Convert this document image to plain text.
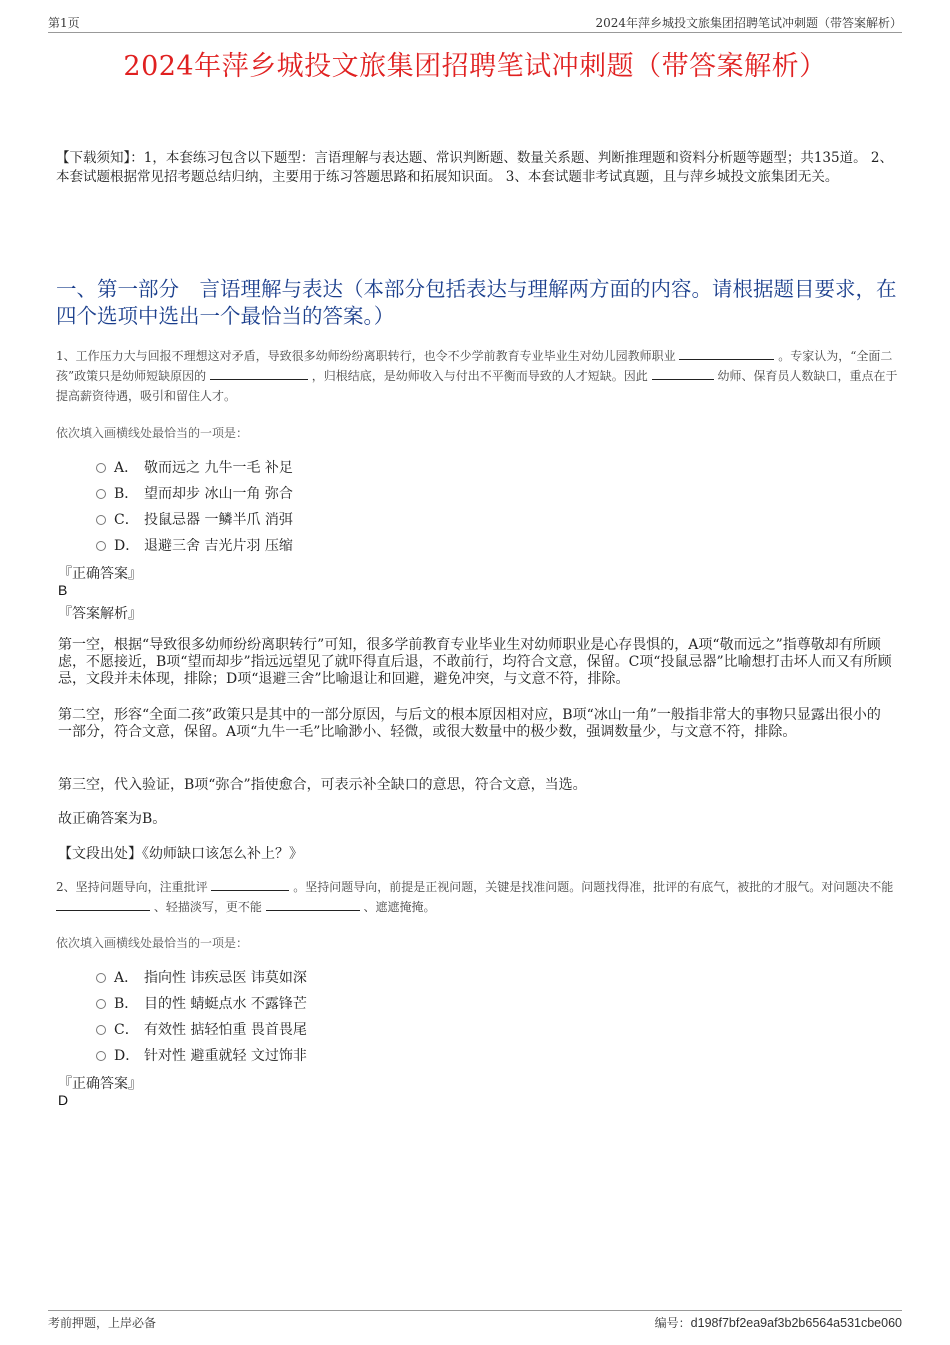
第1页	2024年萍乡城投文旅集团招聘笔试冲刺题（带答案解析）
2024年萍乡城投文旅集团招聘笔试冲刺题（带答案解析）
【下载须知】：1，本套练习包含以下题型：言语理解与表达题、常识判断题、数量关系题、判断推理题和资料分析题等题型；共135道。 2、本套试题根据常见招考题总结归纳，主要用于练习答题思路和拓展知识面。 3、本套试题非考试真题，且与萍乡城投文旅集团无关。
一、第一部分　言语理解与表达（本部分包括表达与理解两方面的内容。请根据题目要求，在四个选项中选出一个最恰当的答案。）
1、工作压力大与回报不理想这对矛盾，导致很多幼师纷纷离职转行，也令不少学前教育专业毕业生对幼儿园教师职业	。专家认为，“全面二孩”政策只是幼师短缺原因的	，归根结底，是幼师收入与付出不平衡而导致的人才短缺。因此	幼师、保育员人数缺口，重点在于提高薪资待遇，吸引和留住人才。
依次填入画横线处最恰当的一项是：
A． 敬而远之 九牛一毛 补足
B． 望而却步 冰山一角 弥合
C． 投鼠忌器 一鳞半爪 消弭
D． 退避三舍 吉光片羽 压缩
『正确答案』
B
『答案解析』
第一空，根据“导致很多幼师纷纷离职转行”可知，很多学前教育专业毕业生对幼师职业是心存畏惧的，A项“敬而远之”指尊敬却有所顾虑，不愿接近，B项“望而却步”指远远望见了就吓得直后退，不敢前行，均符合文意，保留。C项“投鼠忌器”比喻想打击坏人而又有所顾忌，文段并未体现，排除；D项“退避三舍”比喻退让和回避，避免冲突，与文意不符，排除。
第二空，形容“全面二孩”政策只是其中的一部分原因，与后文的根本原因相对应，B项“冰山一角”一般指非常大的事物只显露出很小的一部分，符合文意，保留。A项“九牛一毛”比喻渺小、轻微，或很大数量中的极少数，强调数量少，与文意不符，排除。
第三空，代入验证，B项“弥合”指使愈合，可表示补全缺口的意思，符合文意，当选。
故正确答案为B。
【文段出处】《幼师缺口该怎么补上？》
2、坚持问题导向，注重批评	。坚持问题导向，前提是正视问题，关键是找准问题。问题找得准，批评的有底气，被批的才服气。对问题决不能  、轻描淡写，更不能	、遮遮掩掩。
依次填入画横线处最恰当的一项是：
A． 指向性 讳疾忌医 讳莫如深
B． 目的性 蜻蜓点水 不露锋芒
C． 有效性 掂轻怕重 畏首畏尾
D． 针对性 避重就轻 文过饰非
『正确答案』
D
考前押题，上岸必备	编号：d198f7bf2ea9af3b2b6564a531cbe060
